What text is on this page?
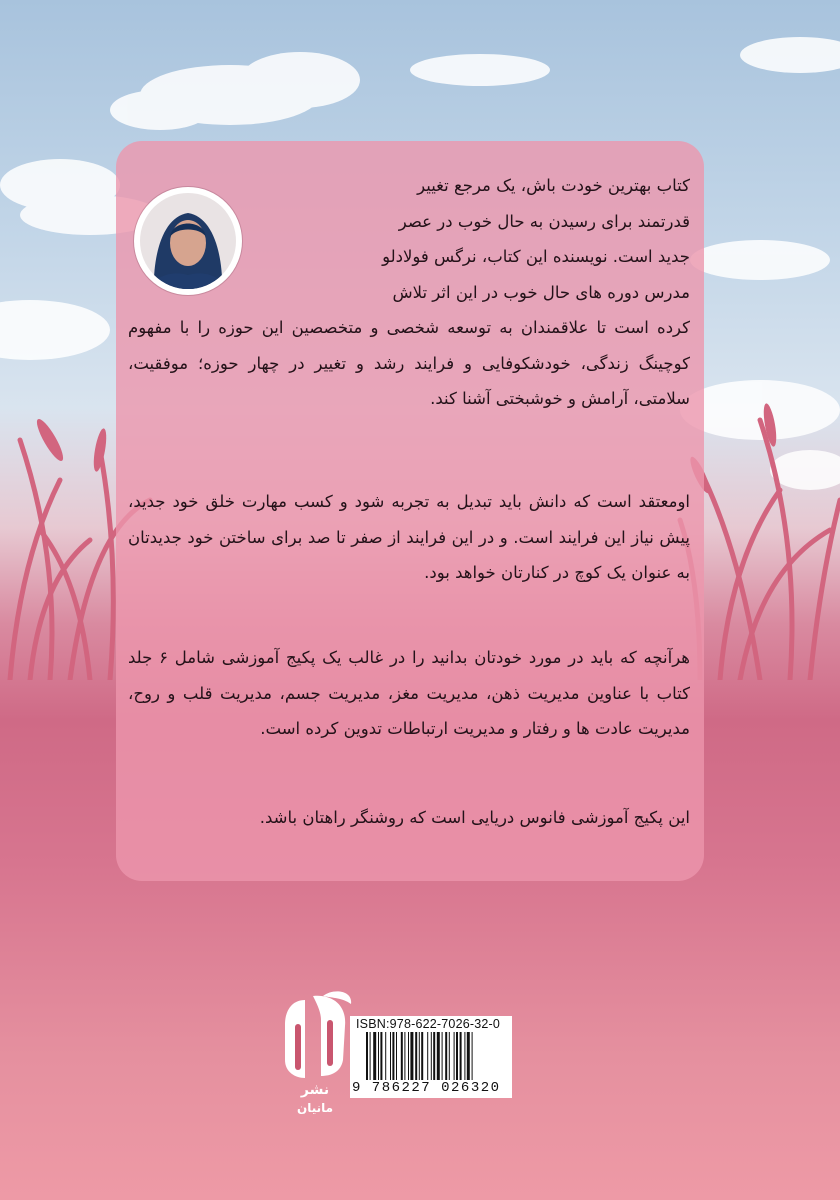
کتاب بهترین خودت باش، یک مرجع تغییر
قدرتمند برای رسیدن به حال خوب در عصر
جدید است. نویسنده این کتاب، نرگس فولادلو
مدرس دوره های حال خوب در این اثر تلاش
کرده است تا علاقمندان به توسعه شخصی و متخصصین این حوزه را با مفهوم کوچینگ زندگی، خودشکوفایی و فرایند رشد و تغییر در چهار حوزه؛ موفقیت، سلامتی، آرامش و خوشبختی آشنا کند.
اومعتقد است که دانش باید تبدیل به تجربه شود و کسب مهارت خلق خود جدید، پیش نیاز این فرایند است. و در این فرایند از صفر تا صد برای ساختن خود جدیدتان به عنوان یک کوچ در کنارتان خواهد بود.
هرآنچه که باید در مورد خودتان بدانید را در غالب یک پکیج آموزشی شامل ۶ جلد کتاب با عناوین مدیریت ذهن، مدیریت مغز، مدیریت جسم، مدیریت قلب و روح، مدیریت عادت ها و رفتار و مدیریت ارتباطات تدوین کرده است.
این پکیج آموزشی فانوس دریایی است که روشنگر راهتان باشد.
نشر
مانیان
ISBN:978-622-7026-32-0
9 786227 026320
